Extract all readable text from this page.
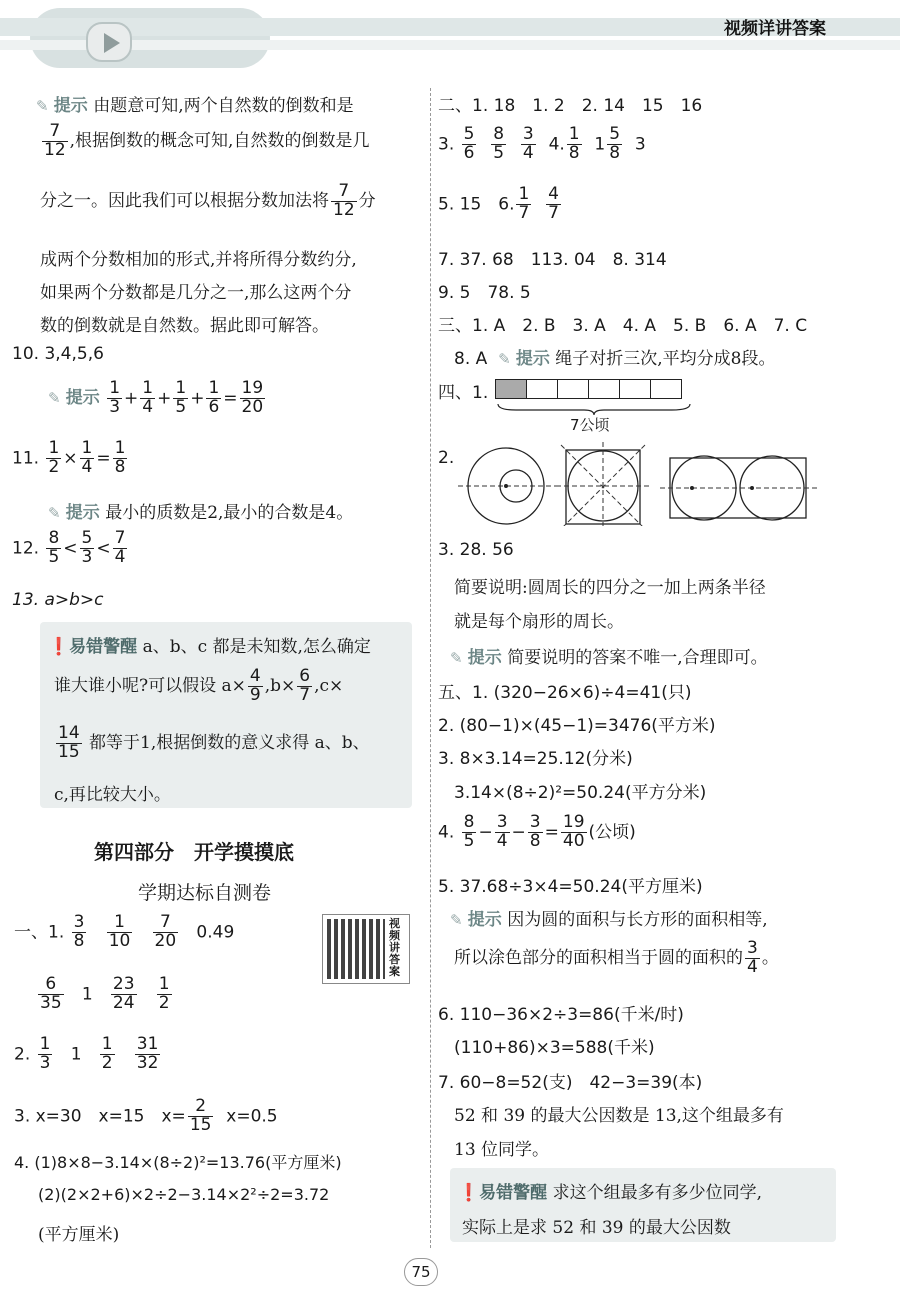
视频详讲答案
✎ 提示 由题意可知,两个自然数的倒数和是
$\frac{7}{12}$ ,根据倒数的概念可知,自然数的倒数是几
分之一。因此我们可以根据分数加法将 $\frac{7}{12}$ 分
成两个分数相加的形式,并将所得分数约分,
如果两个分数都是几分之一,那么这两个分
数的倒数就是自然数。据此即可解答。
10. 3,4,5,6
✎ 提示 $\frac{1}{3} + \frac{1}{4} + \frac{1}{5} + \frac{1}{6} = \frac{19}{20}$
11. $\frac{1}{2} \times \frac{1}{4} = \frac{1}{8}$
✎ 提示 最小的质数是2,最小的合数是4。
12. $\frac{8}{5} < \frac{5}{3} < \frac{7}{4}$
13. a>b>c
❗易错警醒 a、b、c 都是未知数,怎么确定
谁大谁小呢?可以假设 $a\times \frac{4}{9} ,b\times \frac{6}{7} ,c\times$
$\frac{14}{15}$ 都等于1,根据倒数的意义求得 a、b、
c,再比较大小。
第四部分　开学摸摸底
学期达标自测卷
视频讲答案
一、1. $\frac{3}{8}$
$\frac{1}{10}$
$\frac{7}{20} 0.49$
$\frac{6}{35} 1 \frac{23}{24}$
$\frac{1}{2}$
2. $\frac{1}{3} 1 \frac{1}{2}$
$\frac{31}{32}$
3. x=30　x=15　$x= \frac{2}{15} x=0.5$
4. (1)8×8−3.14×(8÷2)²=13.76(平方厘米)
(2)(2×2+6)×2÷2−3.14×2²÷2=3.72
(平方厘米)
二、1. 18　1. 2　2. 14　15　16
3. $\frac{5}{6}$
$\frac{8}{5}$
$\frac{3}{4} 4$. $\frac{1}{8} 1 \frac{5}{8} 3$
5. 15　6. $\frac{1}{7}$
$\frac{4}{7}$
7. 37. 68　113. 04　8. 314
9. 5　78. 5
三、1. A　2. B　3. A　4. A　5. B　6. A　7. C
8. A  ✎ 提示 绳子对折三次,平均分成8段。
四、1.
7公顷
2.
3. 28. 56
简要说明:圆周长的四分之一加上两条半径
就是每个扇形的周长。
✎ 提示 简要说明的答案不唯一,合理即可。
五、1. (320−26×6)÷4=41(只)
2. (80−1)×(45−1)=3476(平方米)
3. 8×3.14=25.12(分米)
3.14×(8÷2)²=50.24(平方分米)
4. $\frac{8}{5} - \frac{3}{4} - \frac{3}{8} = \frac{19}{40}$ (公顷)
5. 37.68÷3×4=50.24(平方厘米)
✎ 提示 因为圆的面积与长方形的面积相等,
所以涂色部分的面积相当于圆的面积的 $\frac{3}{4}$ 。
6. 110−36×2÷3=86(千米/时)
(110+86)×3=588(千米)
7. 60−8=52(支)　42−3=39(本)
52 和 39 的最大公因数是 13,这个组最多有
13 位同学。
❗易错警醒 求这个组最多有多少位同学,
实际上是求 52 和 39 的最大公因数
75
